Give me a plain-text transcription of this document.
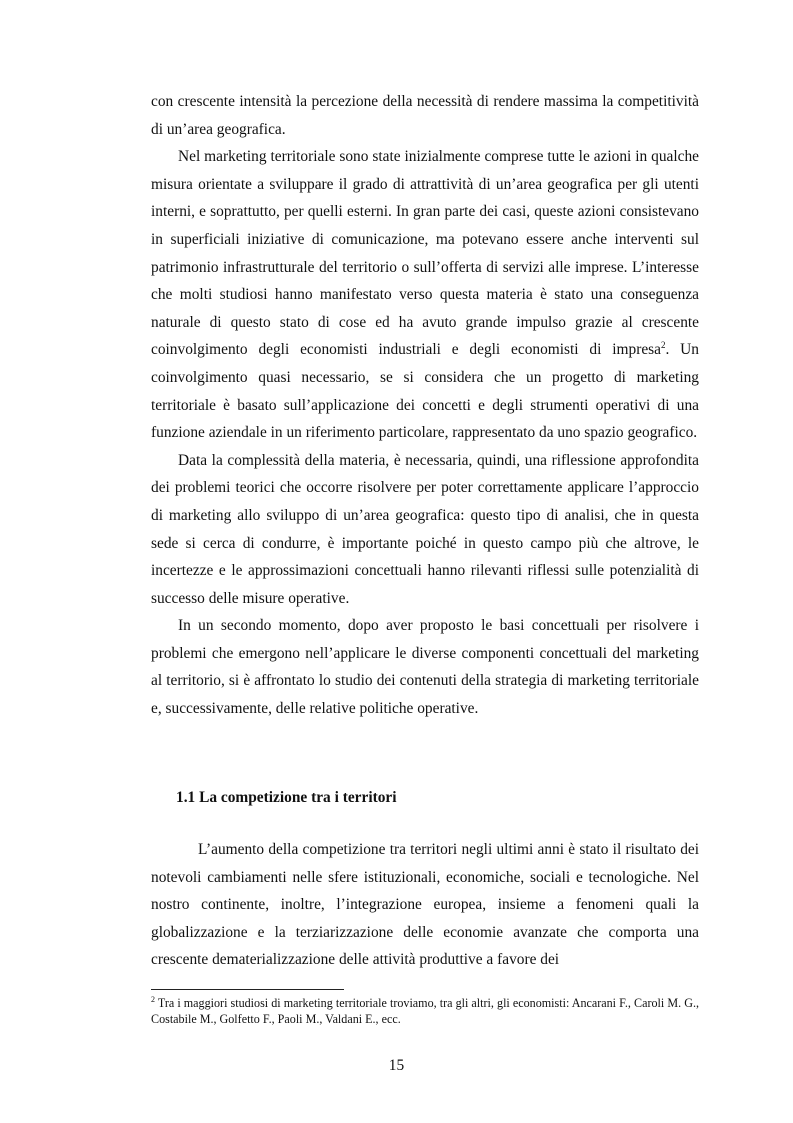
con crescente intensità la percezione della necessità di rendere massima la competitività di un’area geografica.

Nel marketing territoriale sono state inizialmente comprese tutte le azioni in qualche misura orientate a sviluppare il grado di attrattività di un’area geografica per gli utenti interni, e soprattutto, per quelli esterni. In gran parte dei casi, queste azioni consistevano in superficiali iniziative di comunicazione, ma potevano essere anche interventi sul patrimonio infrastrutturale del territorio o sull’offerta di servizi alle imprese. L’interesse che molti studiosi hanno manifestato verso questa materia è stato una conseguenza naturale di questo stato di cose ed ha avuto grande impulso grazie al crescente coinvolgimento degli economisti industriali e degli economisti di impresa$^2$. Un coinvolgimento quasi necessario, se si considera che un progetto di marketing territoriale è basato sull’applicazione dei concetti e degli strumenti operativi di una funzione aziendale in un riferimento particolare, rappresentato da uno spazio geografico.

Data la complessità della materia, è necessaria, quindi, una riflessione approfondita dei problemi teorici che occorre risolvere per poter correttamente applicare l’approccio di marketing allo sviluppo di un’area geografica: questo tipo di analisi, che in questa sede si cerca di condurre, è importante poiché in questo campo più che altrove, le incertezze e le approssimazioni concettuali hanno rilevanti riflessi sulle potenzialità di successo delle misure operative.

In un secondo momento, dopo aver proposto le basi concettuali per risolvere i problemi che emergono nell’applicare le diverse componenti concettuali del marketing al territorio, si è affrontato lo studio dei contenuti della strategia di marketing territoriale e, successivamente, delle relative politiche operative.

1.1 La competizione tra i territori

L’aumento della competizione tra territori negli ultimi anni è stato il risultato dei notevoli cambiamenti nelle sfere istituzionali, economiche, sociali e tecnologiche. Nel nostro continente, inoltre, l’integrazione europea, insieme a fenomeni quali la globalizzazione e la terziarizzazione delle economie avanzate che comporta una crescente dematerializzazione delle attività produttive a favore dei

$^2$ Tra i maggiori studiosi di marketing territoriale troviamo, tra gli altri, gli economisti: Ancarani F., Caroli M. G., Costabile M., Golfetto F., Paoli M., Valdani E., ecc.
15
